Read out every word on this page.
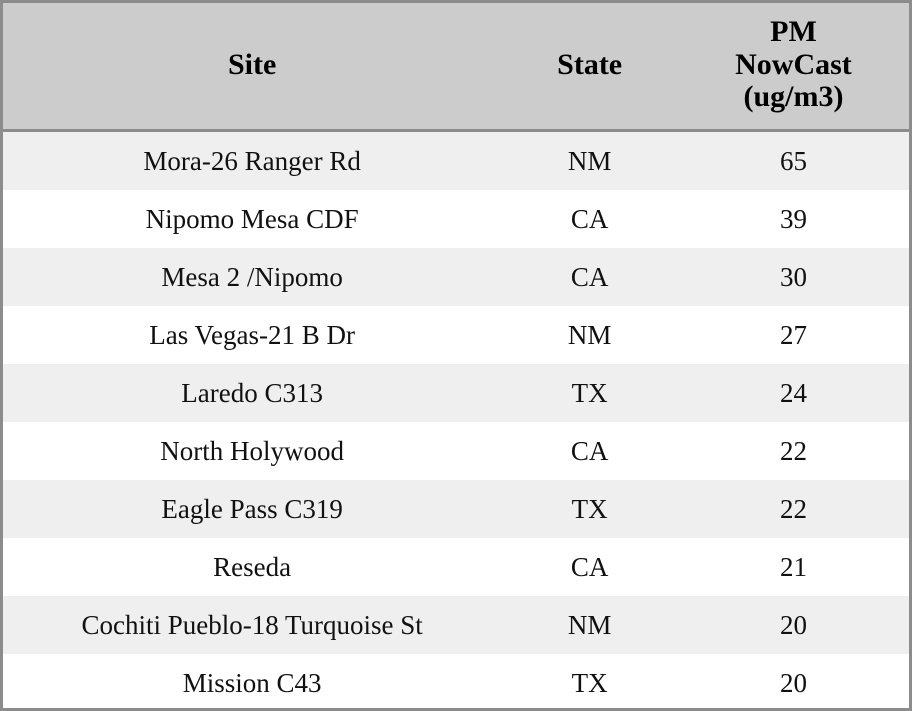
Site	State	PM
NowCast
(ug/m3)

Mora-26 Ranger Rd	NM	65
Nipomo Mesa CDF	CA	39
Mesa 2 /Nipomo	CA	30
Las Vegas-21 B Dr	NM	27
Laredo C313	TX	24
North Holywood	CA	22
Eagle Pass C319	TX	22
Reseda	CA	21
Cochiti Pueblo-18 Turquoise St	NM	20
Mission C43	TX	20
